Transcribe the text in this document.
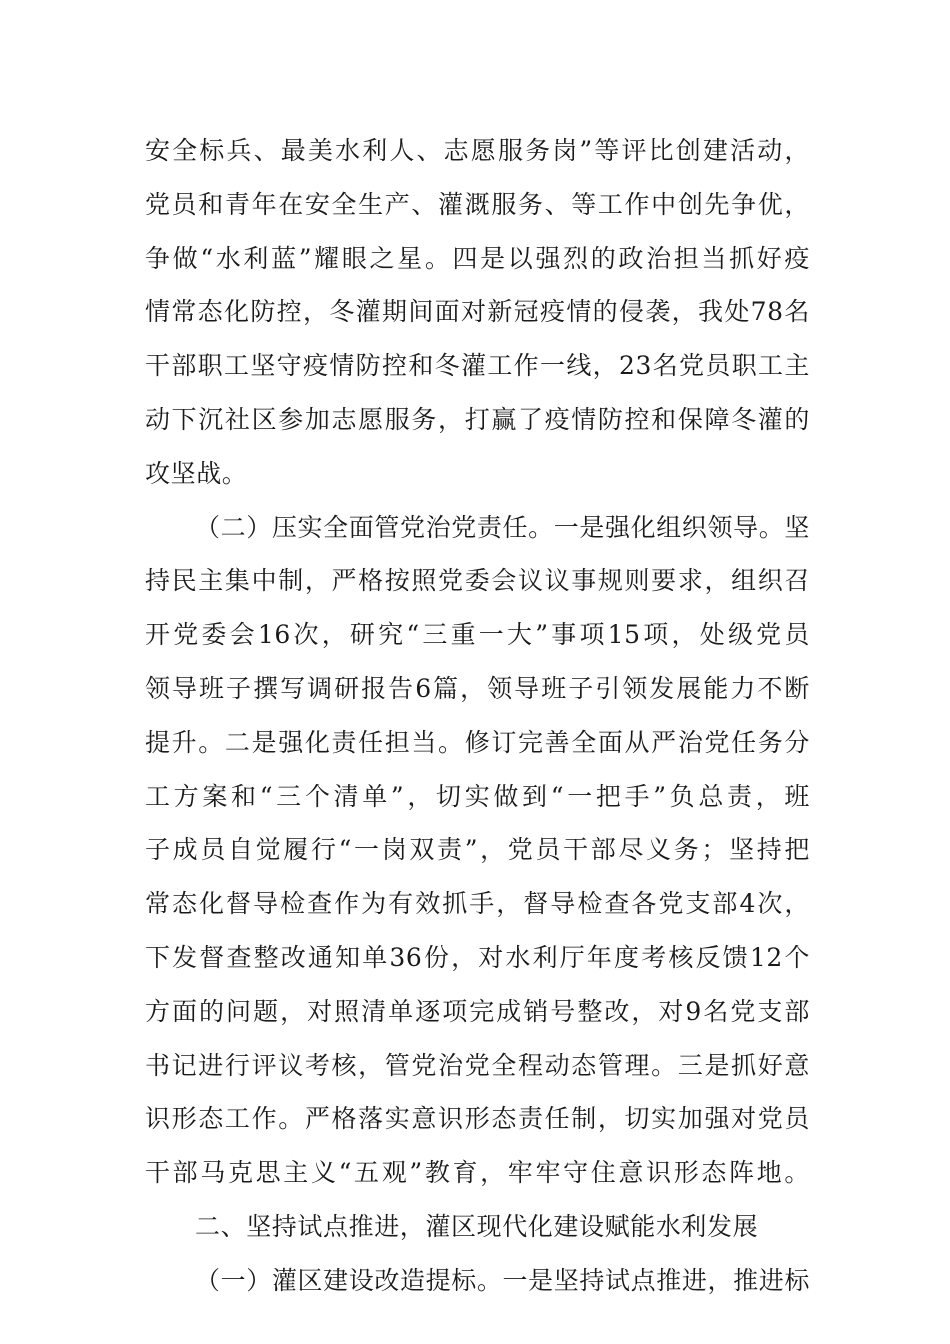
安全标兵、最美水利人、志愿服务岗”等评比创建活动，
党员和青年在安全生产、灌溉服务、等工作中创先争优，
争做“水利蓝”耀眼之星。四是以强烈的政治担当抓好疫
情常态化防控，冬灌期间面对新冠疫情的侵袭，我处78名
干部职工坚守疫情防控和冬灌工作一线，23名党员职工主
动下沉社区参加志愿服务，打赢了疫情防控和保障冬灌的
攻坚战。
（二）压实全面管党治党责任。一是强化组织领导。坚
持民主集中制，严格按照党委会议议事规则要求，组织召
开党委会16次，研究“三重一大”事项15项，处级党员
领导班子撰写调研报告6篇，领导班子引领发展能力不断
提升。二是强化责任担当。修订完善全面从严治党任务分
工方案和“三个清单”，切实做到“一把手”负总责，班
子成员自觉履行“一岗双责”，党员干部尽义务；坚持把
常态化督导检查作为有效抓手，督导检查各党支部4次，
下发督查整改通知单36份，对水利厅年度考核反馈12个
方面的问题，对照清单逐项完成销号整改，对9名党支部
书记进行评议考核，管党治党全程动态管理。三是抓好意
识形态工作。严格落实意识形态责任制，切实加强对党员
干部马克思主义“五观”教育，牢牢守住意识形态阵地。
二、坚持试点推进，灌区现代化建设赋能水利发展
（一）灌区建设改造提标。一是坚持试点推进，推进标
